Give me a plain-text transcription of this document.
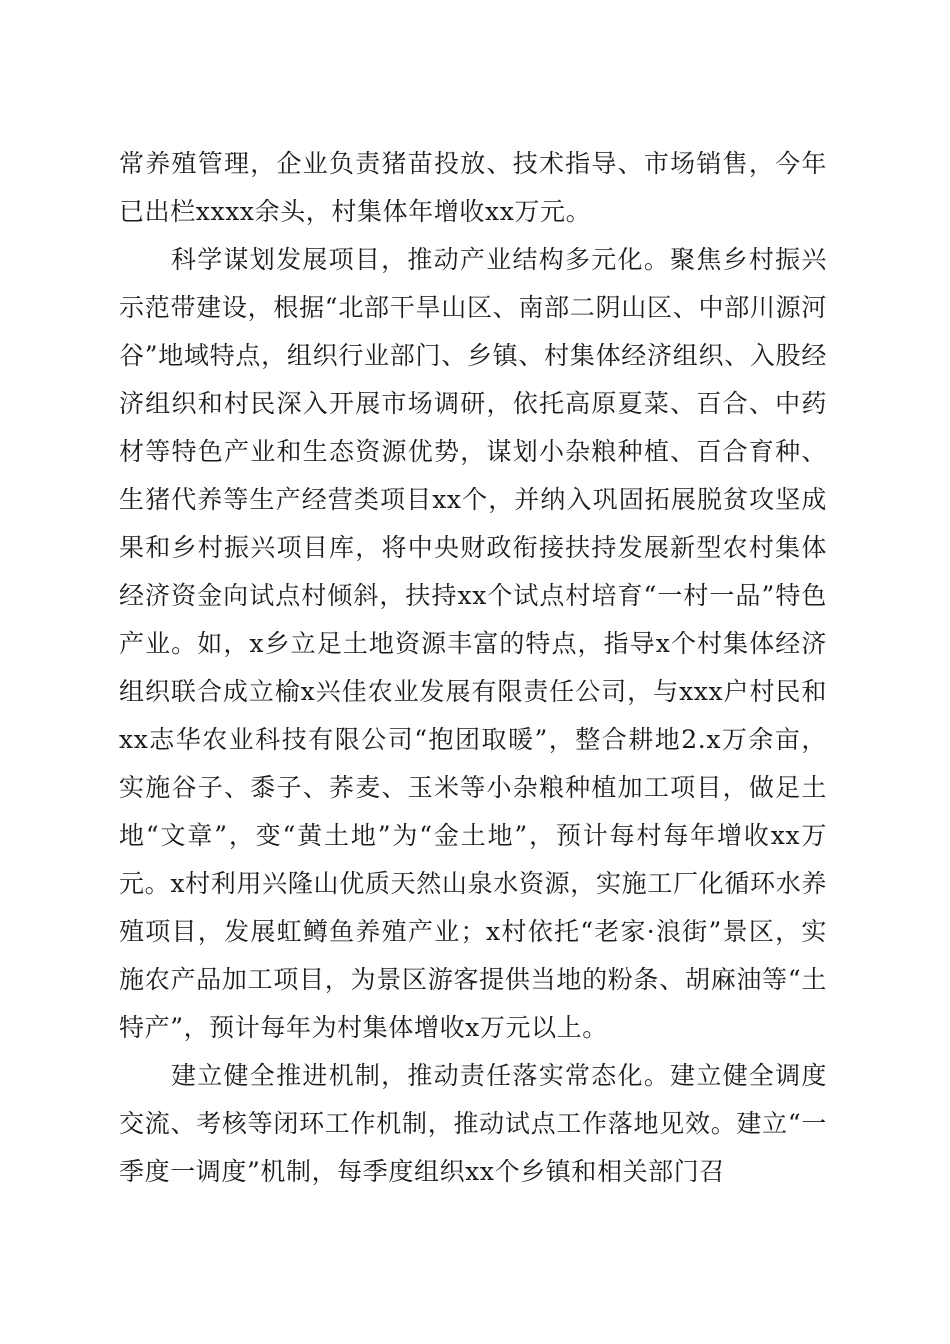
常养殖管理，企业负责猪苗投放、技术指导、市场销售，今年已出栏xxxx余头，村集体年增收xx万元。

科学谋划发展项目，推动产业结构多元化。聚焦乡村振兴示范带建设，根据“北部干旱山区、南部二阴山区、中部川源河谷”地域特点，组织行业部门、乡镇、村集体经济组织、入股经济组织和村民深入开展市场调研，依托高原夏菜、百合、中药材等特色产业和生态资源优势，谋划小杂粮种植、百合育种、生猪代养等生产经营类项目xx个，并纳入巩固拓展脱贫攻坚成果和乡村振兴项目库，将中央财政衔接扶持发展新型农村集体经济资金向试点村倾斜，扶持xx个试点村培育“一村一品”特色产业。如，x乡立足土地资源丰富的特点，指导x个村集体经济组织联合成立榆x兴佳农业发展有限责任公司，与xxx户村民和xx志华农业科技有限公司“抱团取暖”，整合耕地2.x万余亩，实施谷子、黍子、荞麦、玉米等小杂粮种植加工项目，做足土地“文章”，变“黄土地”为“金土地”，预计每村每年增收xx万元。x村利用兴隆山优质天然山泉水资源，实施工厂化循环水养殖项目，发展虹鳟鱼养殖产业；x村依托“老家·浪街”景区，实施农产品加工项目，为景区游客提供当地的粉条、胡麻油等“土特产”，预计每年为村集体增收x万元以上。

建立健全推进机制，推动责任落实常态化。建立健全调度交流、考核等闭环工作机制，推动试点工作落地见效。建立“一季度一调度”机制，每季度组织xx个乡镇和相关部门召
